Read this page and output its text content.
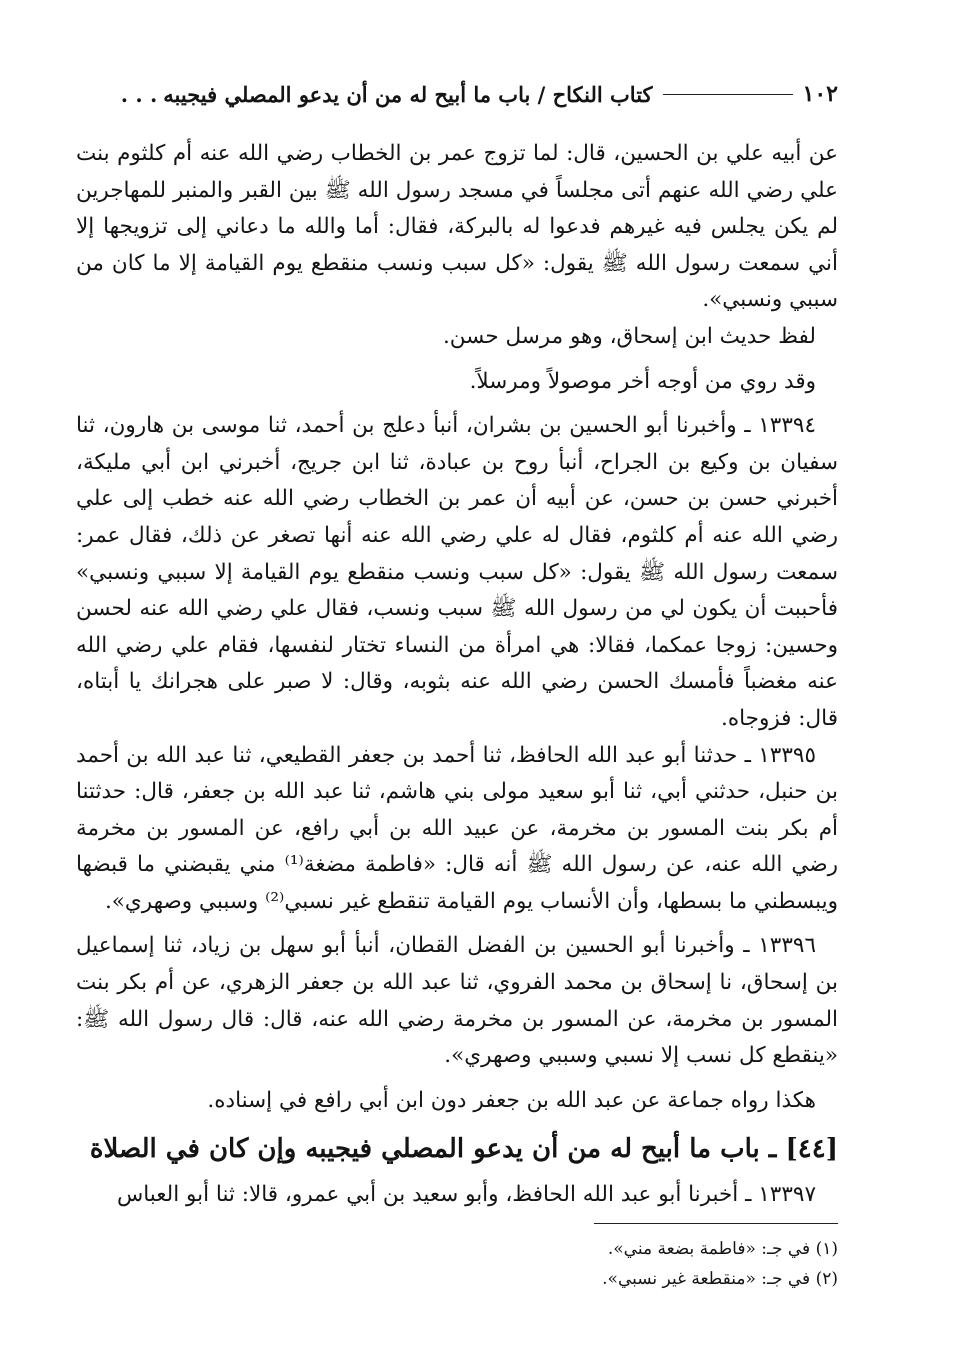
١٠٢
كتاب النكاح / باب ما أبيح له من أن يدعو المصلي فيجيبه
. . .

عن أبيه علي بن الحسين، قال: لما تزوج عمر بن الخطاب رضي الله عنه أم كلثوم بنت علي رضي الله عنهم أتى مجلساً في مسجد رسول الله ﷺ بين القبر والمنبر للمهاجرين لم يكن يجلس فيه غيرهم فدعوا له بالبركة، فقال: أما والله ما دعاني إلى تزويجها إلا أني سمعت رسول الله ﷺ يقول: «كل سبب ونسب منقطع يوم القيامة إلا ما كان من سببي ونسبي».

لفظ حديث ابن إسحاق، وهو مرسل حسن.

وقد روي من أوجه أخر موصولاً ومرسلاً.

١٣٣٩٤ ـ وأخبرنا أبو الحسين بن بشران، أنبأ دعلج بن أحمد، ثنا موسى بن هارون، ثنا سفيان بن وكيع بن الجراح، أنبأ روح بن عبادة، ثنا ابن جريج، أخبرني ابن أبي مليكة، أخبرني حسن بن حسن، عن أبيه أن عمر بن الخطاب رضي الله عنه خطب إلى علي رضي الله عنه أم كلثوم، فقال له علي رضي الله عنه أنها تصغر عن ذلك، فقال عمر: سمعت رسول الله ﷺ يقول: «كل سبب ونسب منقطع يوم القيامة إلا سببي ونسبي» فأحببت أن يكون لي من رسول الله ﷺ سبب ونسب، فقال علي رضي الله عنه لحسن وحسين: زوجا عمكما، فقالا: هي امرأة من النساء تختار لنفسها، فقام علي رضي الله عنه مغضباً فأمسك الحسن رضي الله عنه بثوبه، وقال: لا صبر على هجرانك يا أبتاه، قال: فزوجاه.

١٣٣٩٥ ـ حدثنا أبو عبد الله الحافظ، ثنا أحمد بن جعفر القطيعي، ثنا عبد الله بن أحمد بن حنبل، حدثني أبي، ثنا أبو سعيد مولى بني هاشم، ثنا عبد الله بن جعفر، قال: حدثتنا أم بكر بنت المسور بن مخرمة، عن عبيد الله بن أبي رافع، عن المسور بن مخرمة رضي الله عنه، عن رسول الله ﷺ أنه قال: «فاطمة مضغة⁽¹⁾ مني يقبضني ما قبضها ويبسطني ما بسطها، وأن الأنساب يوم القيامة تنقطع غير نسبي⁽²⁾ وسببي وصهري».

١٣٣٩٦ ـ وأخبرنا أبو الحسين بن الفضل القطان، أنبأ أبو سهل بن زياد، ثنا إسماعيل بن إسحاق، نا إسحاق بن محمد الفروي، ثنا عبد الله بن جعفر الزهري، عن أم بكر بنت المسور بن مخرمة، عن المسور بن مخرمة رضي الله عنه، قال: قال رسول الله ﷺ: «ينقطع كل نسب إلا نسبي وسببي وصهري».

هكذا رواه جماعة عن عبد الله بن جعفر دون ابن أبي رافع في إسناده.

[٤٤] ـ باب ما أبيح له من أن يدعو المصلي فيجيبه وإن كان في الصلاة

١٣٣٩٧ ـ أخبرنا أبو عبد الله الحافظ، وأبو سعيد بن أبي عمرو، قالا: ثنا أبو العباس

(١) في جـ: «فاطمة بضعة مني».
(٢) في جـ: «منقطعة غير نسبي».
